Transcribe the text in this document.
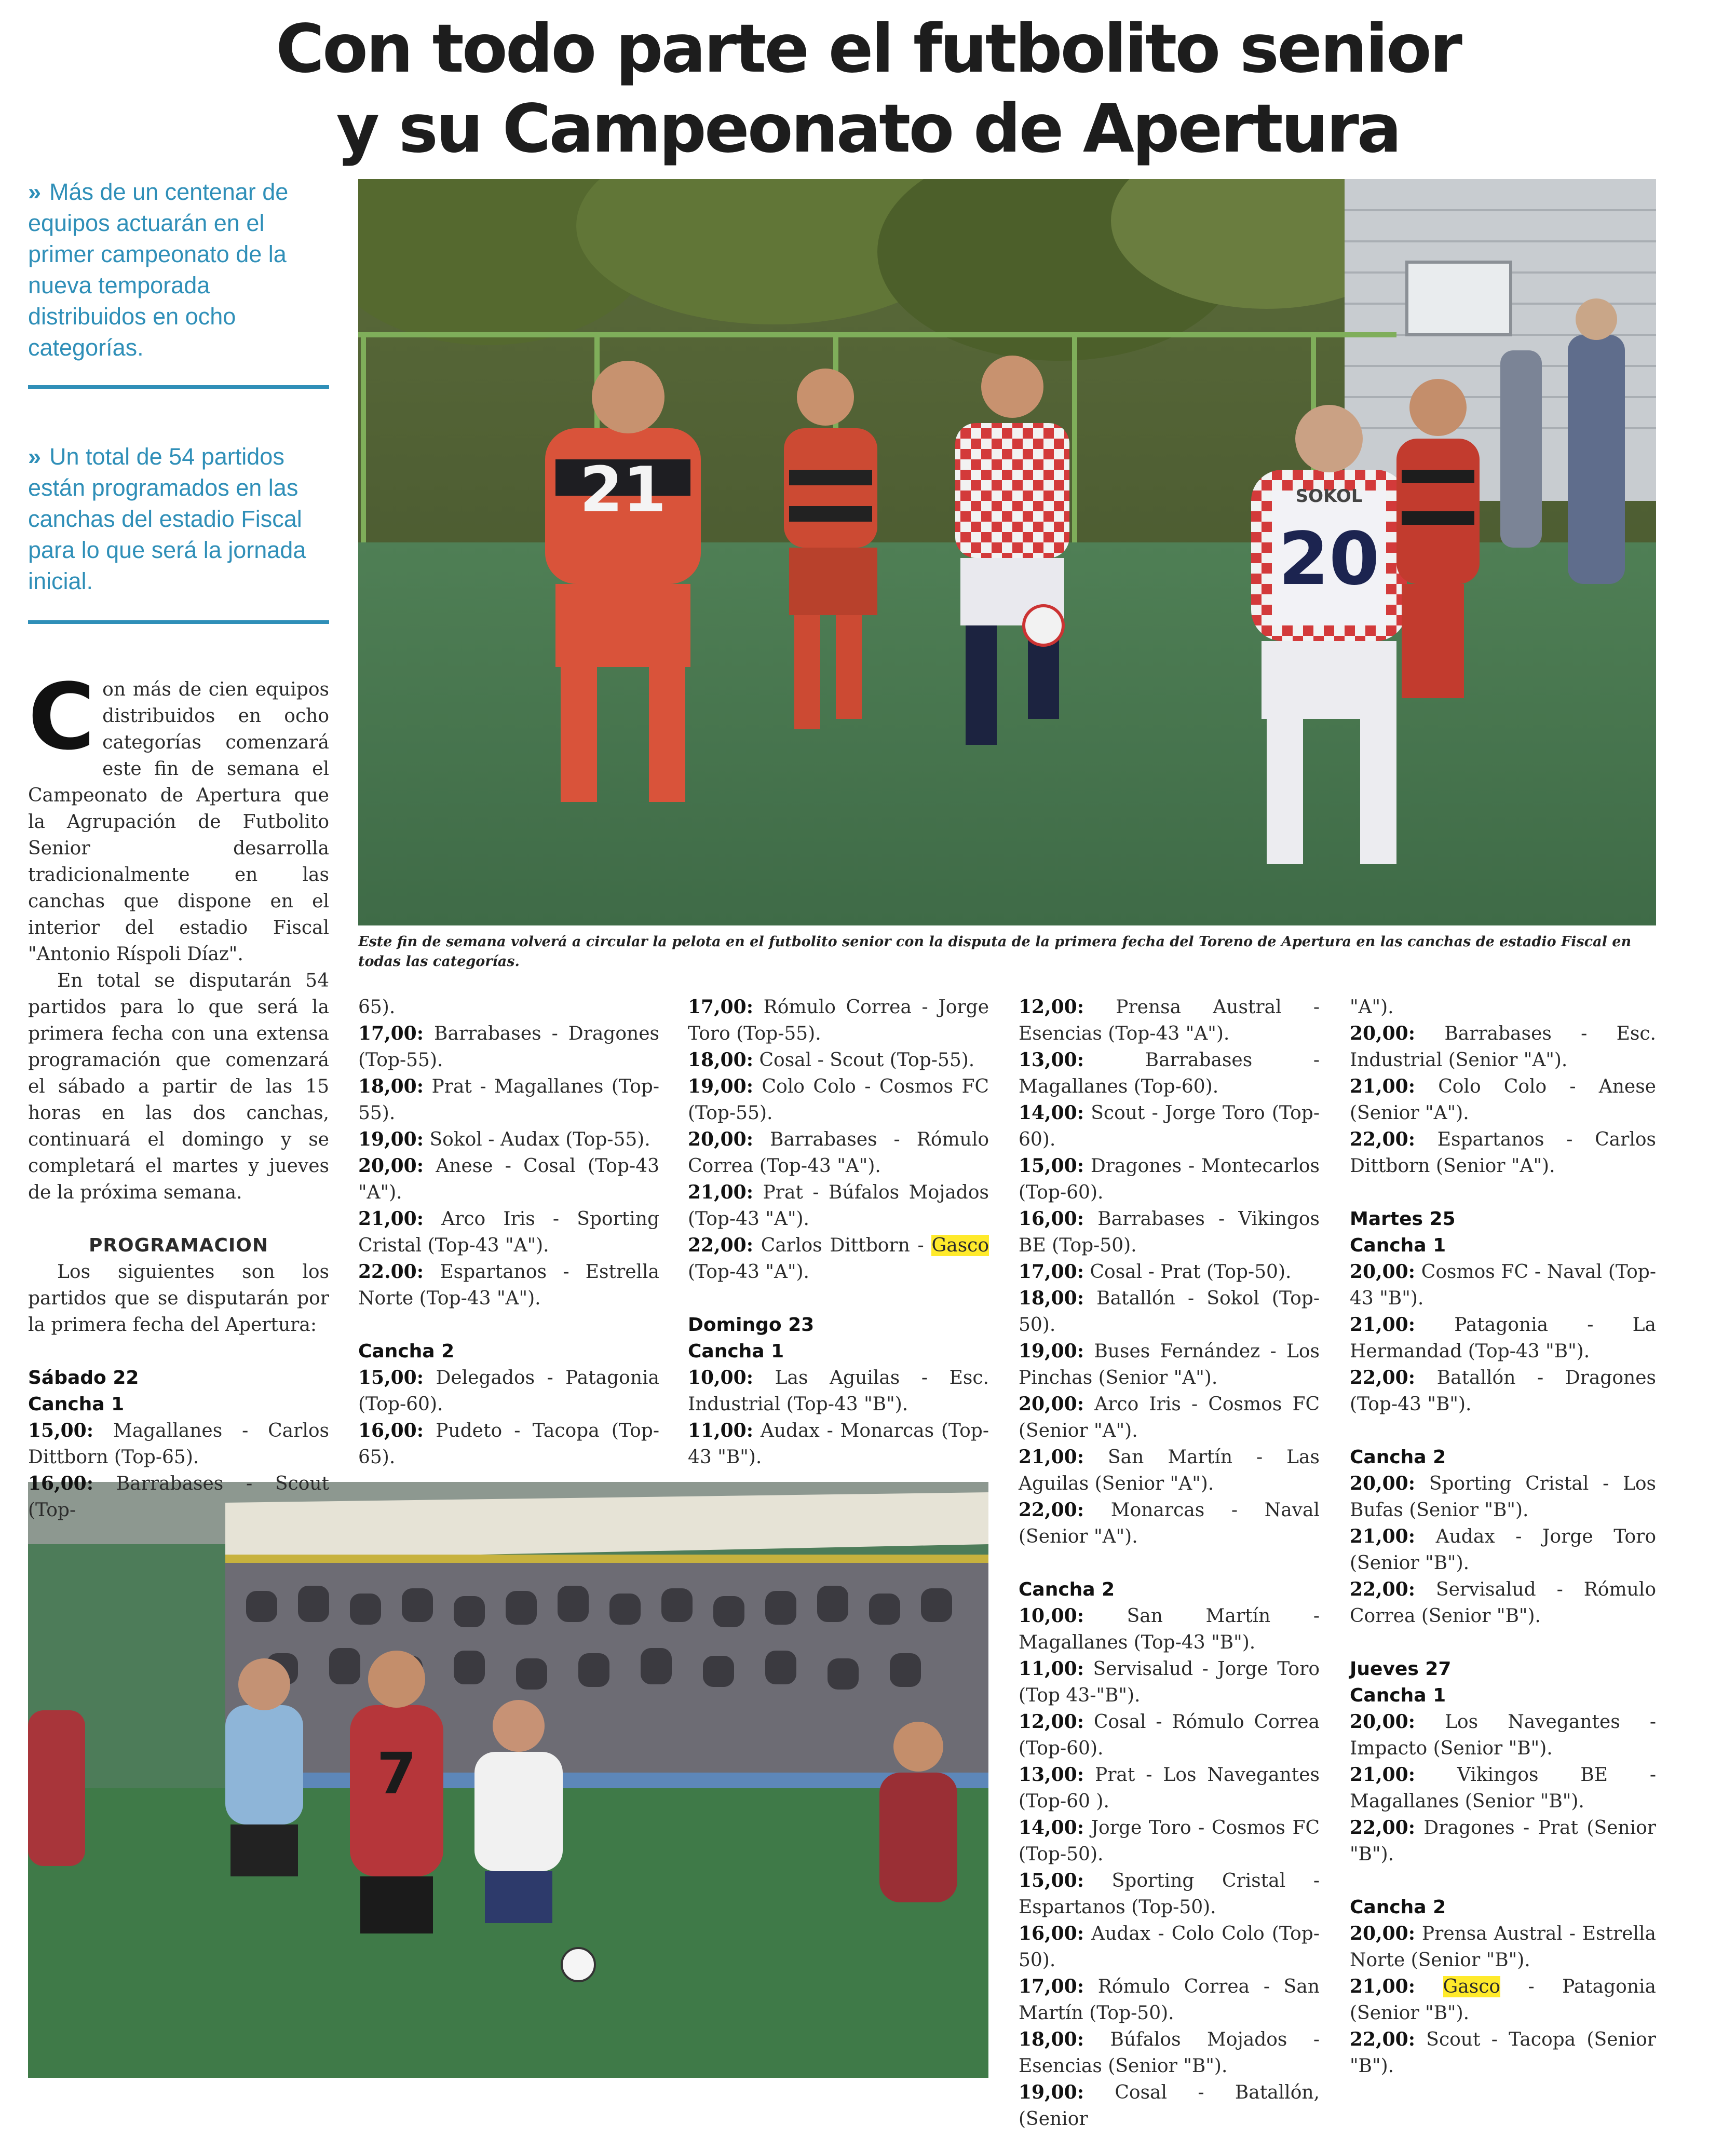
Con todo parte el futbolito senior
y su Campeonato de Apertura
» Más de un centenar de equipos actuarán en el primer campeonato de la nueva temporada distribuidos en ocho categorías.
» Un total de 54 partidos están programados en las canchas del estadio Fiscal para lo que será la jornada inicial.
21	SOKOL
20
Este fin de semana volverá a circular la pelota en el futbolito senior con la disputa de la primera fecha del Toreno de Apertura en las canchas de estadio Fiscal en todas las categorías.
7

Con más de cien equipos distribuidos en ocho categorías comenzará este fin de semana el Campeonato de Apertura que la Agrupación de Futbolito Senior desarrolla tradicionalmente en las canchas que dispone en el interior del estadio Fiscal "Antonio Ríspoli Díaz".

En total se disputarán 54 partidos para lo que será la primera fecha con una extensa programación que comenzará el sábado a partir de las 15 horas en las dos canchas, continuará el domingo y se completará el martes y jueves de la próxima semana.

PROGRAMACION

Los siguientes son los partidos que se disputarán por la primera fecha del Apertura:

Sábado 22

Cancha 1

15,00: Magallanes - Carlos Dittborn (Top-65).

16,00: Barrabases - Scout (Top-

65).

17,00: Barrabases - Dragones (Top-55).

18,00: Prat - Magallanes (Top-55).

19,00: Sokol - Audax (Top-55).

20,00: Anese - Cosal (Top-43 "A").

21,00: Arco Iris - Sporting Cristal (Top-43 "A").

22.00: Espartanos - Estrella Norte (Top-43 "A").

Cancha 2

15,00: Delegados - Patagonia (Top-60).

16,00: Pudeto - Tacopa (Top-65).

17,00: Rómulo Correa - Jorge Toro (Top-55).

18,00: Cosal - Scout (Top-55).

19,00: Colo Colo - Cosmos FC (Top-55).

20,00: Barrabases - Rómulo Correa (Top-43 "A").

21,00: Prat - Búfalos Mojados (Top-43 "A").

22,00: Carlos Dittborn - Gasco (Top-43 "A").

Domingo 23

Cancha 1

10,00: Las Aguilas - Esc. Industrial (Top-43 "B").

11,00: Audax - Monarcas (Top-43 "B").

12,00: Prensa Austral - Esencias (Top-43 "A").

13,00: Barrabases - Magallanes (Top-60).

14,00: Scout - Jorge Toro (Top-60).

15,00: Dragones - Montecarlos (Top-60).

16,00: Barrabases - Vikingos BE (Top-50).

17,00: Cosal - Prat (Top-50).

18,00: Batallón - Sokol (Top-50).

19,00: Buses Fernández - Los Pinchas (Senior "A").

20,00: Arco Iris - Cosmos FC (Senior "A").

21,00: San Martín - Las Aguilas (Senior "A").

22,00: Monarcas - Naval (Senior "A").

Cancha 2

10,00: San Martín - Magallanes (Top-43 "B").

11,00: Servisalud - Jorge Toro (Top 43-"B").

12,00: Cosal - Rómulo Correa (Top-60).

13,00: Prat - Los Navegantes (Top-60 ).

14,00: Jorge Toro - Cosmos FC (Top-50).

15,00: Sporting Cristal - Espartanos (Top-50).

16,00: Audax - Colo Colo (Top-50).

17,00: Rómulo Correa - San Martín (Top-50).

18,00: Búfalos Mojados - Esencias (Senior "B").

19,00: Cosal - Batallón, (Senior

"A").

20,00: Barrabases - Esc. Industrial (Senior "A").

21,00: Colo Colo - Anese (Senior "A").

22,00: Espartanos - Carlos Dittborn (Senior "A").

Martes 25

Cancha 1

20,00: Cosmos FC - Naval (Top-43 "B").

21,00: Patagonia - La Hermandad (Top-43 "B").

22,00: Batallón - Dragones (Top-43 "B").

Cancha 2

20,00: Sporting Cristal - Los Bufas (Senior "B").

21,00: Audax - Jorge Toro (Senior "B").

22,00: Servisalud - Rómulo Correa (Senior "B").

Jueves 27

Cancha 1

20,00: Los Navegantes - Impacto (Senior "B").

21,00: Vikingos BE - Magallanes (Senior "B").

22,00: Dragones - Prat (Senior "B").

Cancha 2

20,00: Prensa Austral - Estrella Norte (Senior "B").

21,00: Gasco - Patagonia (Senior "B").

22,00: Scout - Tacopa (Senior "B").
